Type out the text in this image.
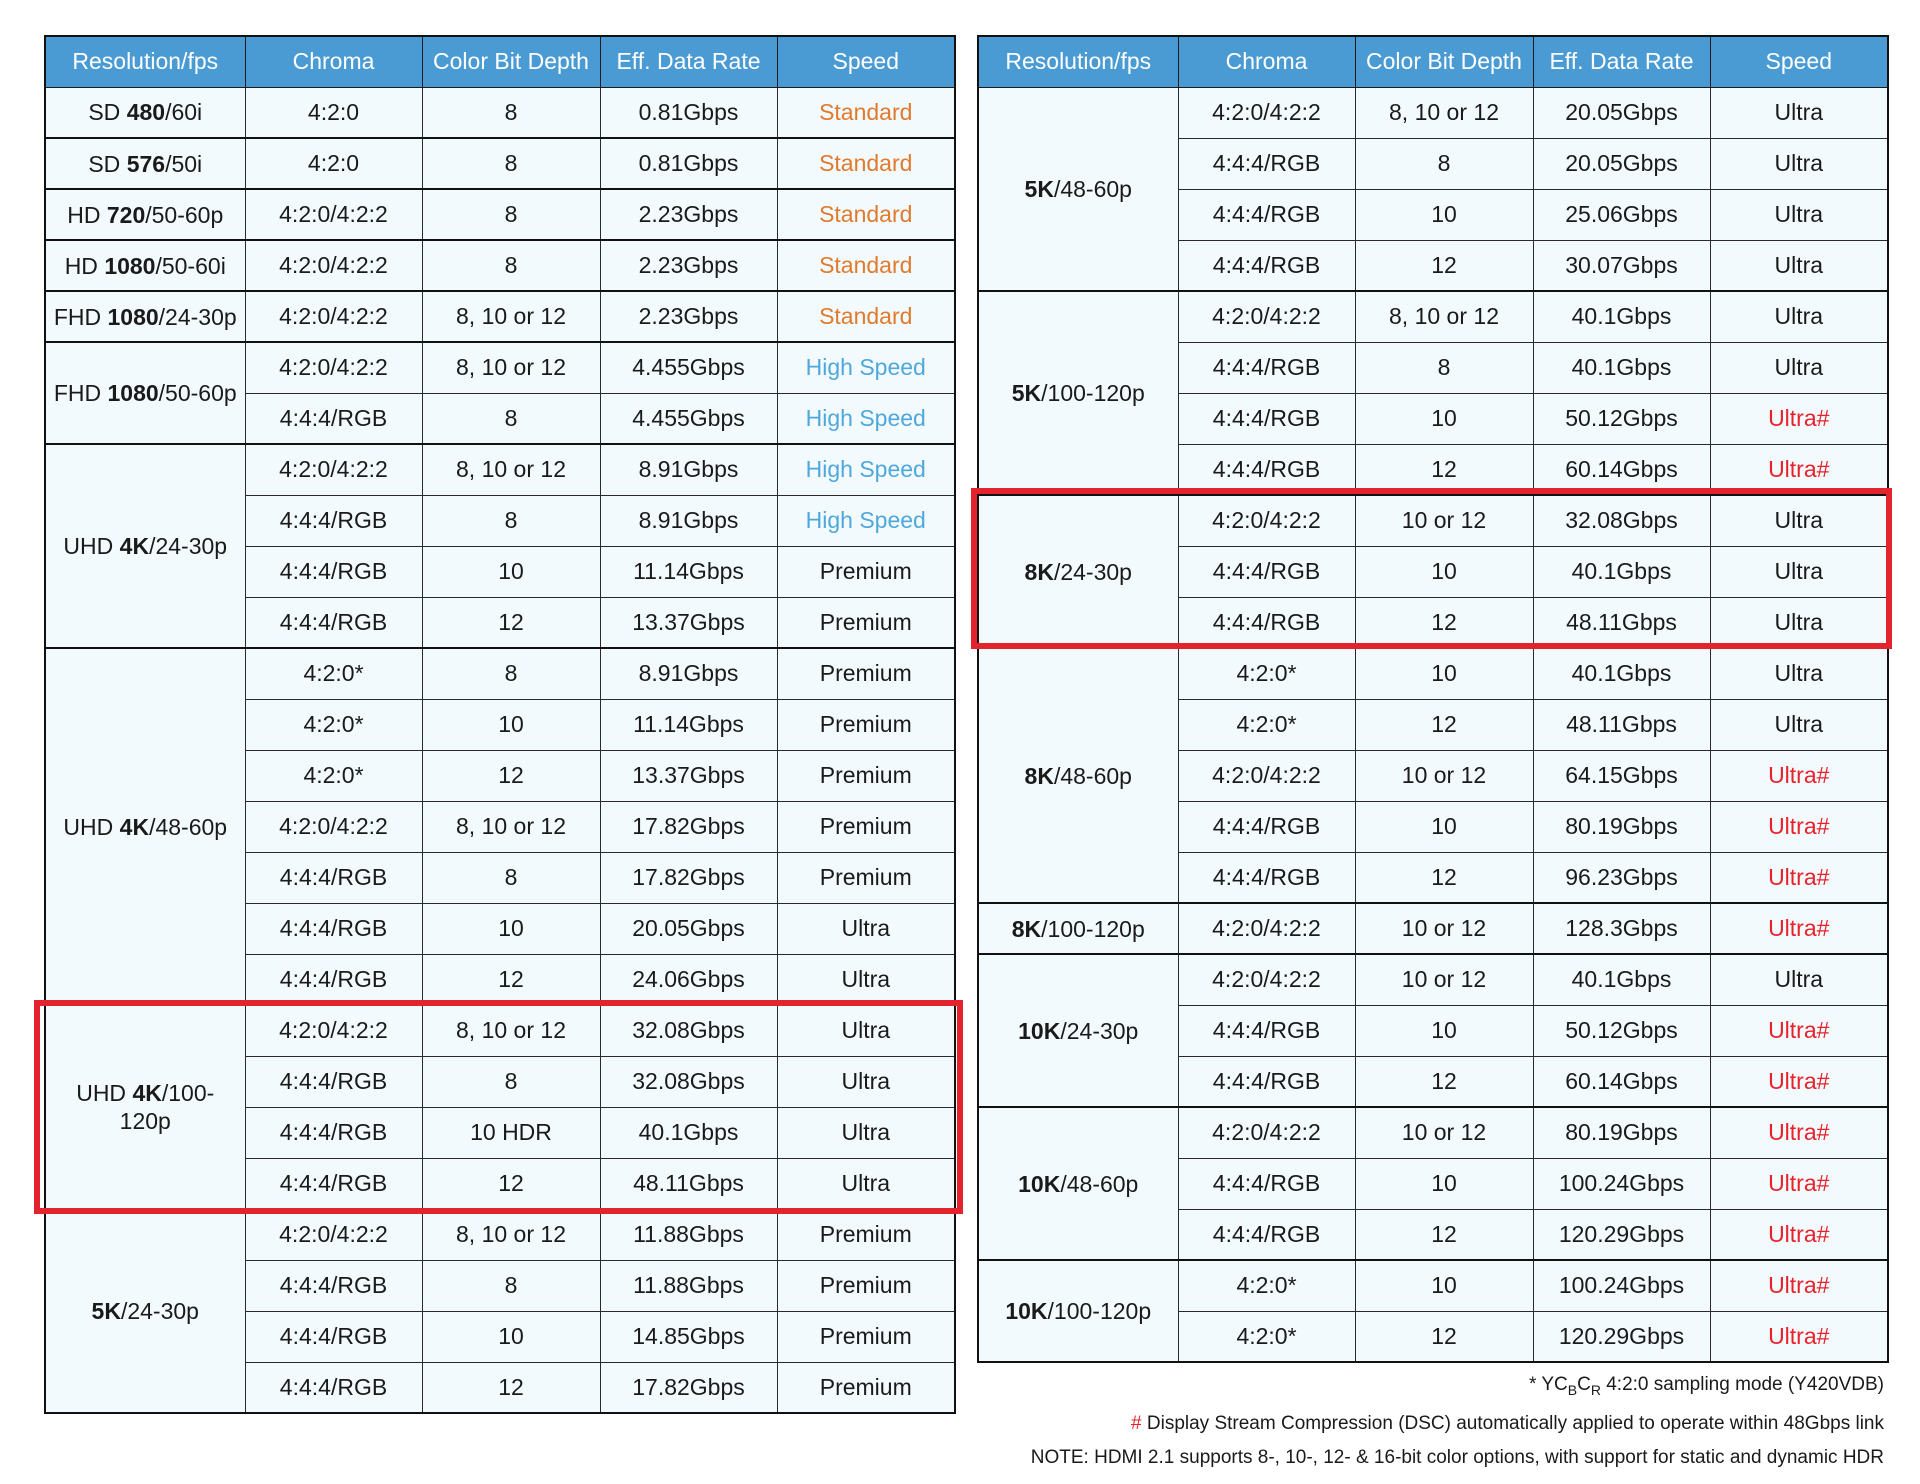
Resolution/fps	Chroma	Color Bit Depth	Eff. Data Rate	Speed
SD 480/60i	4:2:0	8	0.81Gbps	Standard
SD 576/50i	4:2:0	8	0.81Gbps	Standard
HD 720/50-60p	4:2:0/4:2:2	8	2.23Gbps	Standard
HD 1080/50-60i	4:2:0/4:2:2	8	2.23Gbps	Standard
FHD 1080/24-30p	4:2:0/4:2:2	8, 10 or 12	2.23Gbps	Standard
FHD 1080/50-60p	4:2:0/4:2:2	8, 10 or 12	4.455Gbps	High Speed
	4:4:4/RGB	8	4.455Gbps	High Speed
UHD 4K/24-30p	4:2:0/4:2:2	8, 10 or 12	8.91Gbps	High Speed
	4:4:4/RGB	8	8.91Gbps	High Speed
	4:4:4/RGB	10	11.14Gbps	Premium
	4:4:4/RGB	12	13.37Gbps	Premium
UHD 4K/48-60p	4:2:0*	8	8.91Gbps	Premium
	4:2:0*	10	11.14Gbps	Premium
	4:2:0*	12	13.37Gbps	Premium
	4:2:0/4:2:2	8, 10 or 12	17.82Gbps	Premium
	4:4:4/RGB	8	17.82Gbps	Premium
	4:4:4/RGB	10	20.05Gbps	Ultra
	4:4:4/RGB	12	24.06Gbps	Ultra
UHD 4K/100-120p	4:2:0/4:2:2	8, 10 or 12	32.08Gbps	Ultra
	4:4:4/RGB	8	32.08Gbps	Ultra
	4:4:4/RGB	10 HDR	40.1Gbps	Ultra
	4:4:4/RGB	12	48.11Gbps	Ultra
5K/24-30p	4:2:0/4:2:2	8, 10 or 12	11.88Gbps	Premium
	4:4:4/RGB	8	11.88Gbps	Premium
	4:4:4/RGB	10	14.85Gbps	Premium
	4:4:4/RGB	12	17.82Gbps	Premium
Resolution/fps	Chroma	Color Bit Depth	Eff. Data Rate	Speed
5K/48-60p	4:2:0/4:2:2	8, 10 or 12	20.05Gbps	Ultra
	4:4:4/RGB	8	20.05Gbps	Ultra
	4:4:4/RGB	10	25.06Gbps	Ultra
	4:4:4/RGB	12	30.07Gbps	Ultra
5K/100-120p	4:2:0/4:2:2	8, 10 or 12	40.1Gbps	Ultra
	4:4:4/RGB	8	40.1Gbps	Ultra
	4:4:4/RGB	10	50.12Gbps	Ultra#
	4:4:4/RGB	12	60.14Gbps	Ultra#
8K/24-30p	4:2:0/4:2:2	10 or 12	32.08Gbps	Ultra
	4:4:4/RGB	10	40.1Gbps	Ultra
	4:4:4/RGB	12	48.11Gbps	Ultra
8K/48-60p	4:2:0*	10	40.1Gbps	Ultra
	4:2:0*	12	48.11Gbps	Ultra
	4:2:0/4:2:2	10 or 12	64.15Gbps	Ultra#
	4:4:4/RGB	10	80.19Gbps	Ultra#
	4:4:4/RGB	12	96.23Gbps	Ultra#
8K/100-120p	4:2:0/4:2:2	10 or 12	128.3Gbps	Ultra#
10K/24-30p	4:2:0/4:2:2	10 or 12	40.1Gbps	Ultra
	4:4:4/RGB	10	50.12Gbps	Ultra#
	4:4:4/RGB	12	60.14Gbps	Ultra#
10K/48-60p	4:2:0/4:2:2	10 or 12	80.19Gbps	Ultra#
	4:4:4/RGB	10	100.24Gbps	Ultra#
	4:4:4/RGB	12	120.29Gbps	Ultra#
10K/100-120p	4:2:0*	10	100.24Gbps	Ultra#
	4:2:0*	12	120.29Gbps	Ultra#
* $YC_BC_R$ 4:2:0 sampling mode (Y420VDB)
# Display Stream Compression (DSC) automatically applied to operate within 48Gbps link
NOTE: HDMI 2.1 supports 8-, 10-, 12- & 16-bit color options, with support for static and dynamic HDR
